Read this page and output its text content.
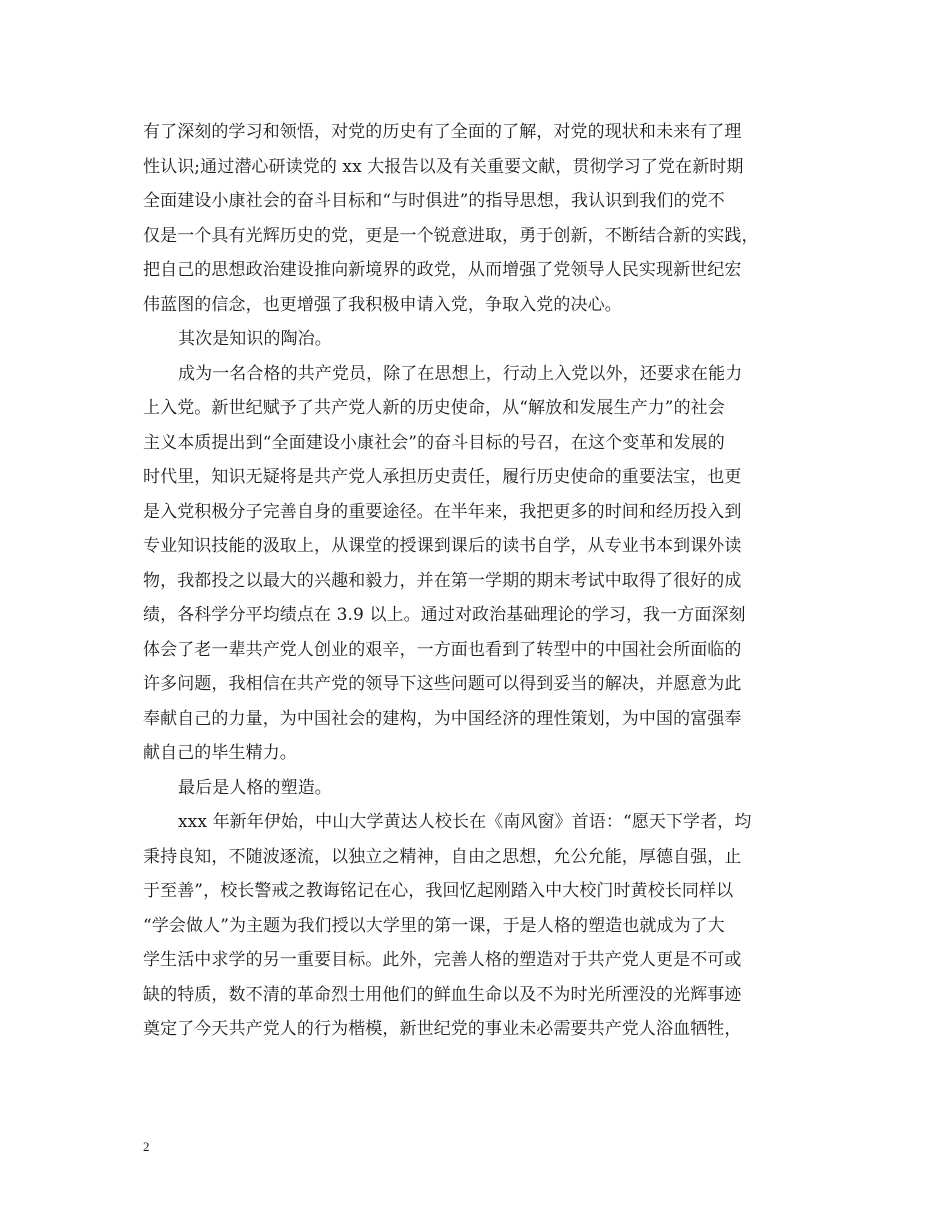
有了深刻的学习和领悟，对党的历史有了全面的了解，对党的现状和未来有了理
性认识;通过潜心研读党的 xx 大报告以及有关重要文献，贯彻学习了党在新时期
全面建设小康社会的奋斗目标和“与时俱进”的指导思想，我认识到我们的党不
仅是一个具有光辉历史的党，更是一个锐意进取，勇于创新，不断结合新的实践，
把自己的思想政治建设推向新境界的政党，从而增强了党领导人民实现新世纪宏
伟蓝图的信念，也更增强了我积极申请入党，争取入党的决心。
其次是知识的陶冶。
成为一名合格的共产党员，除了在思想上，行动上入党以外，还要求在能力
上入党。新世纪赋予了共产党人新的历史使命，从“解放和发展生产力”的社会
主义本质提出到“全面建设小康社会”的奋斗目标的号召，在这个变革和发展的
时代里，知识无疑将是共产党人承担历史责任，履行历史使命的重要法宝，也更
是入党积极分子完善自身的重要途径。在半年来，我把更多的时间和经历投入到
专业知识技能的汲取上，从课堂的授课到课后的读书自学，从专业书本到课外读
物，我都投之以最大的兴趣和毅力，并在第一学期的期末考试中取得了很好的成
绩，各科学分平均绩点在 3.9 以上。通过对政治基础理论的学习，我一方面深刻
体会了老一辈共产党人创业的艰辛，一方面也看到了转型中的中国社会所面临的
许多问题，我相信在共产党的领导下这些问题可以得到妥当的解决，并愿意为此
奉献自己的力量，为中国社会的建构，为中国经济的理性策划，为中国的富强奉
献自己的毕生精力。
最后是人格的塑造。
xxx 年新年伊始，中山大学黄达人校长在《南风窗》首语：“愿天下学者，均
秉持良知，不随波逐流，以独立之精神，自由之思想，允公允能，厚德自强，止
于至善”，校长警戒之教诲铭记在心，我回忆起刚踏入中大校门时黄校长同样以
“学会做人”为主题为我们授以大学里的第一课，于是人格的塑造也就成为了大
学生活中求学的另一重要目标。此外，完善人格的塑造对于共产党人更是不可或
缺的特质，数不清的革命烈士用他们的鲜血生命以及不为时光所湮没的光辉事迹
奠定了今天共产党人的行为楷模，新世纪党的事业未必需要共产党人浴血牺牲，
2
